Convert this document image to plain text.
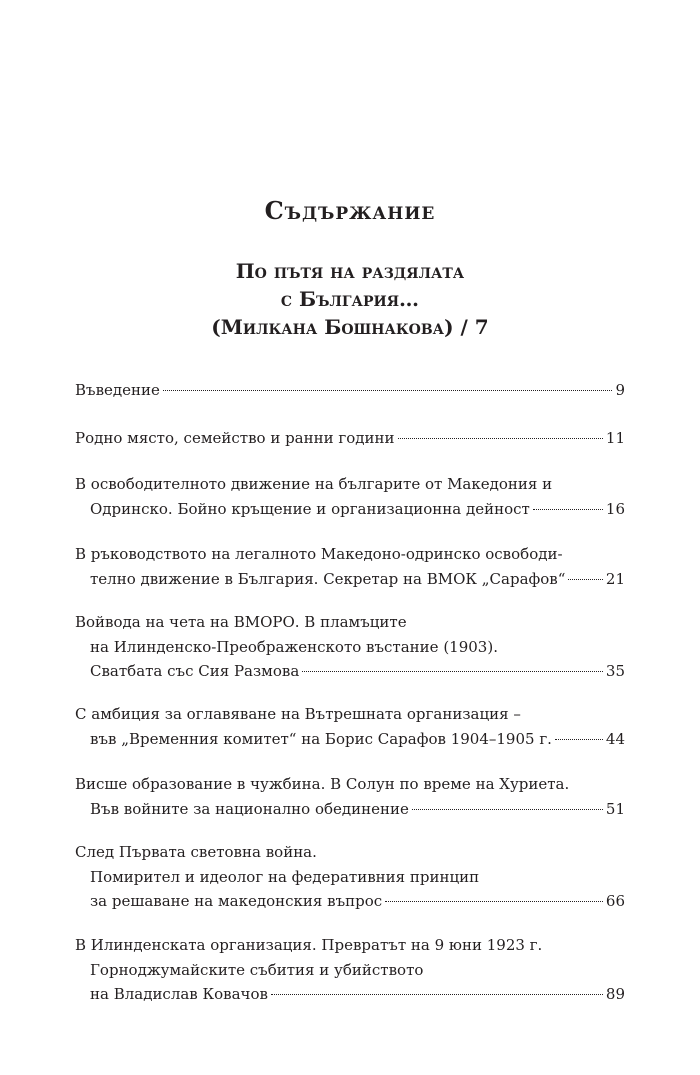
Съдържание
По пътя на раздялата
с България…
(Милкана Бошнакова) / 7
Въведение	9
Родно място, семейство и ранни години	11
В освободителното движение на българите от Македония и
Одринско. Бойно кръщение и организационна дейност	16
В ръководството на легалното Македоно-одринско освободи-
телно движение в България. Секретар на ВМОК „Сарафов“	21
Войвода на чета на ВМОРО. В пламъците
на Илинденско-Преображенското въстание (1903).
Сватбата със Сия Размова	35
С амбиция за оглавяване на Вътрешната организация –
във „Временния комитет“ на Борис Сарафов 1904–1905 г.	44
Висше образование в чужбина. В Солун по време на Хуриета.
Във войните за национално обединение	51
След Първата световна война.
Помирител и идеолог на федеративния принцип
за решаване на македонския въпрос	66
В Илинденската организация. Превратът на 9 юни 1923 г.
Горноджумайските събития и убийството
на Владислав Ковачов	89
